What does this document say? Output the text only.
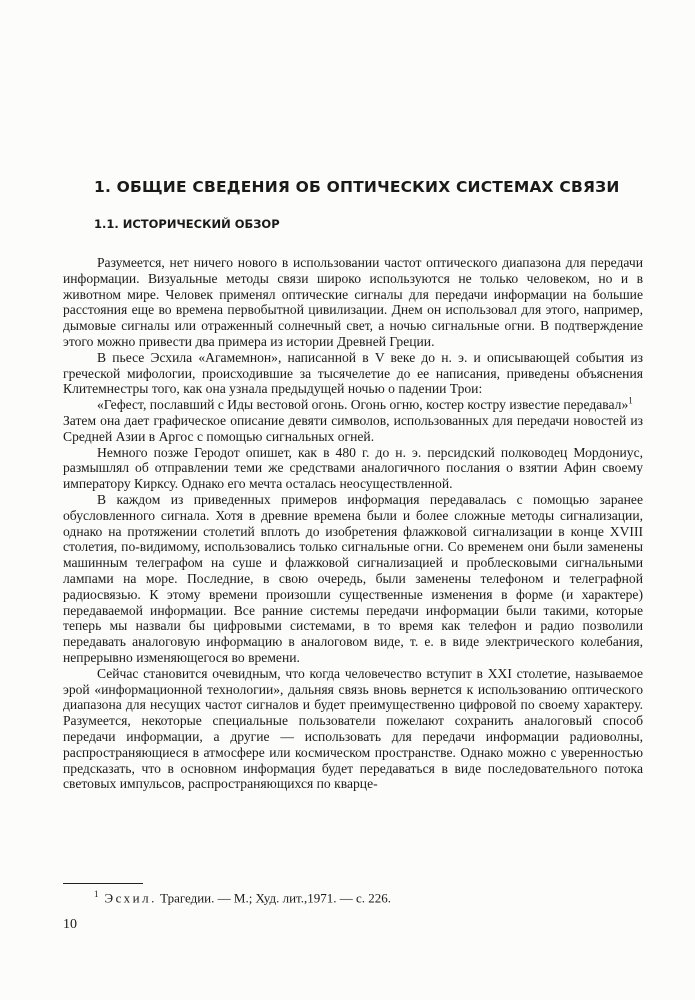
1. ОБЩИЕ СВЕДЕНИЯ ОБ ОПТИЧЕСКИХ СИСТЕМАХ СВЯЗИ
1.1. ИСТОРИЧЕСКИЙ ОБЗОР

Разумеется, нет ничего нового в использовании частот оптического диапазона для передачи информации. Визуальные методы связи широко используются не только человеком, но и в животном мире. Человек применял оптические сигналы для передачи информации на большие расстояния еще во времена первобытной цивилизации. Днем он использовал для этого, например, дымовые сигналы или отраженный солнечный свет, а ночью сигнальные огни. В подтверждение этого можно привести два примера из истории Древней Греции.

В пьесе Эсхила «Агамемнон», написанной в V веке до н. э. и описывающей события из греческой мифологии, происходившие за тысячелетие до ее написания, приведены объяснения Клитемнестры того, как она узнала предыдущей ночью о падении Трои:

«Гефест, пославший с Иды вестовой огонь. Огонь огню, костер костру известие передавал»$^1$

Затем она дает графическое описание девяти символов, использованных для передачи новостей из Средней Азии в Аргос с помощью сигнальных огней.

Немного позже Геродот опишет, как в 480 г. до н. э. персидский полководец Мордониус, размышлял об отправлении теми же средствами аналогичного послания о взятии Афин своему императору Кирксу. Однако его мечта осталась неосуществленной.

В каждом из приведенных примеров информация передавалась с помощью заранее обусловленного сигнала. Хотя в древние времена были и более сложные методы сигнализации, однако на протяжении столетий вплоть до изобретения флажковой сигнализации в конце XVIII столетия, по-видимому, использовались только сигнальные огни. Со временем они были заменены машинным телеграфом на суше и флажковой сигнализацией и проблесковыми сигнальными лампами на море. Последние, в свою очередь, были заменены телефоном и телеграфной радиосвязью. К этому времени произошли существенные изменения в форме (и характере) передаваемой информации. Все ранние системы передачи информации были такими, которые теперь мы назвали бы цифровыми системами, в то время как телефон и радио позволили передавать аналоговую информацию в аналоговом виде, т. е. в виде электрического колебания, непрерывно изменяющегося во времени.

Сейчас становится очевидным, что когда человечество вступит в XXI столетие, называемое эрой «информационной технологии», дальняя связь вновь вернется к использованию оптического диапазона для несущих частот сигналов и будет преимущественно цифровой по своему характеру. Разумеется, некоторые специальные пользователи пожелают сохранить аналоговый способ передачи информации, а другие — использовать для передачи информации радиоволны, распространяющиеся в атмосфере или космическом пространстве. Однако можно с уверенностью предсказать, что в основном информация будет передаваться в виде последовательного потока световых импульсов, распространяющихся по кварце-

$^1$ Эсхил. Трагедии. — М.; Худ. лит.,1971. — с. 226.
10
